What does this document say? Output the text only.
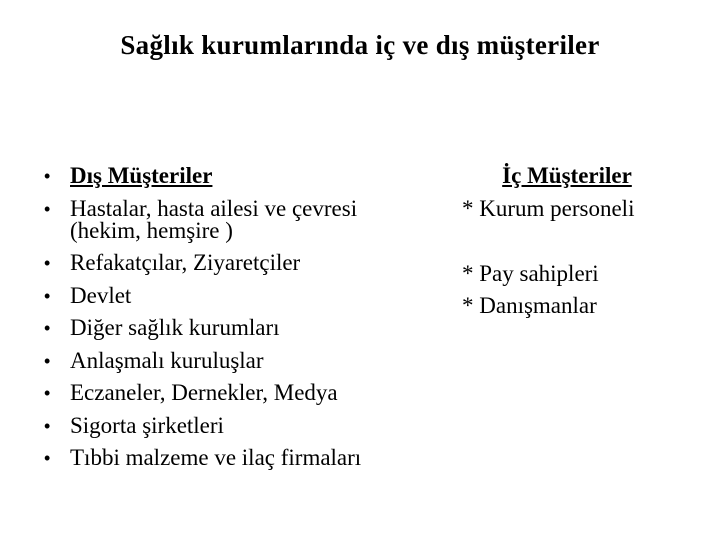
Sağlık kurumlarında iç ve dış müşteriler
• Dış Müşteriler
• Hastalar, hasta ailesi ve çevresi
(hekim, hemşire )
• Refakatçılar, Ziyaretçiler
• Devlet
• Diğer sağlık kurumları
• Anlaşmalı kuruluşlar
• Eczaneler, Dernekler, Medya
• Sigorta şirketleri
• Tıbbi malzeme ve ilaç firmaları
İç Müşteriler
* Kurum personeli
* Pay sahipleri
* Danışmanlar
